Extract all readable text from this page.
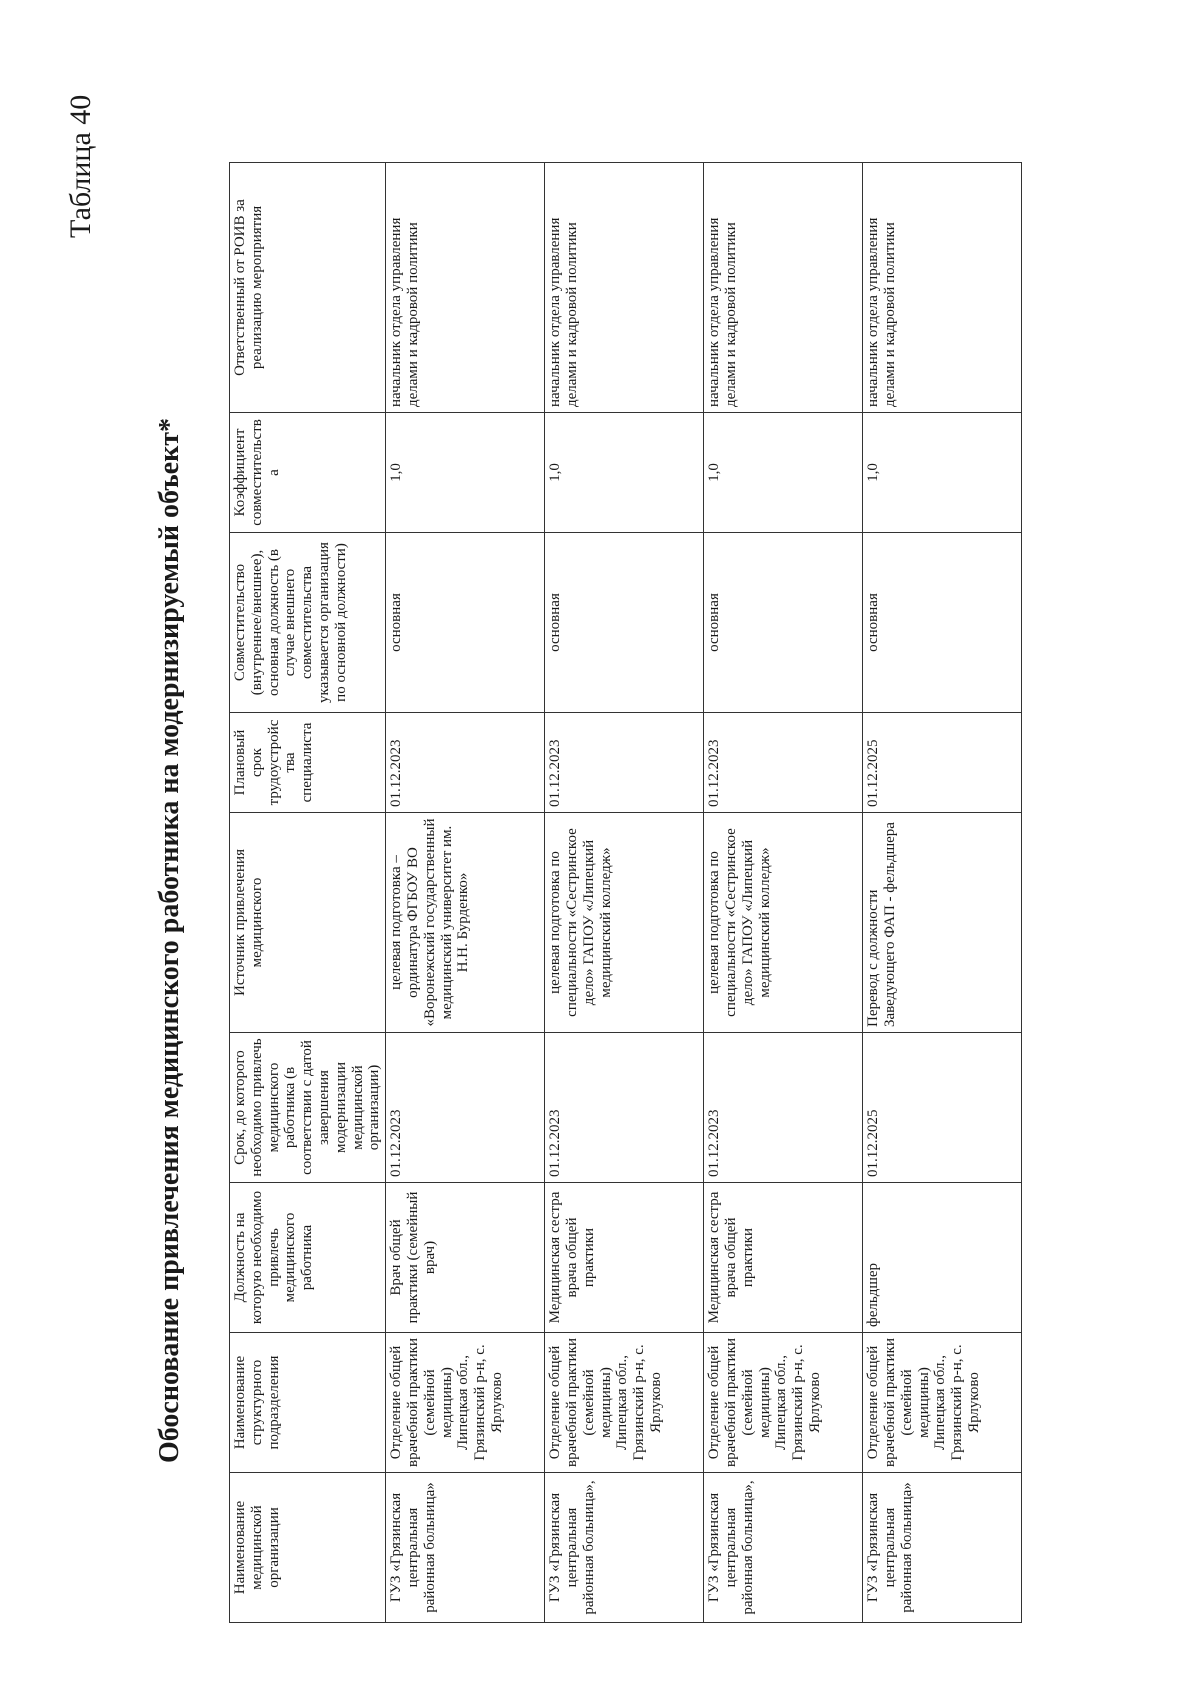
Таблица 40
Обоснование привлечения медицинского работника на модернизируемый объект*
Наименование медицинской организации	Наименование структурного подразделения	Должность на которую необходимо привлечь медицинского работника	Срок, до которого необходимо привлечь медицинского работника (в соответствии с датой завершения модернизации медицинской организации)	Источник привлечения медицинского	Плановый срок трудоустройства специалиста	Совместительство (внутреннее/внешнее), основная должность (в случае внешнего совместительства указывается организация по основной должности)	Коэффициент совместительства	Ответственный от РОИВ за реализацию мероприятия
ГУЗ «Грязинская центральная районная больница»	Отделение общей врачебной практики (семейной медицины) Липецкая обл., Грязинский р-н, с. Ярлуково	Врач общей практики (семейный врач)	01.12.2023	целевая подготовка – ординатура ФГБОУ ВО «Воронежский государственный медицинский университет им. Н.Н. Бурденко»	01.12.2023	основная	1,0	начальник отдела управления делами и кадровой политики
ГУЗ «Грязинская центральная районная больница»,	Отделение общей врачебной практики (семейной медицины) Липецкая обл., Грязинский р-н, с. Ярлуково	Медицинская сестра врача общей практики	01.12.2023	целевая подготовка по специальности «Сестринское дело» ГАПОУ «Липецкий медицинский колледж»	01.12.2023	основная	1,0	начальник отдела управления делами и кадровой политики
ГУЗ «Грязинская центральная районная больница»,	Отделение общей врачебной практики (семейной медицины) Липецкая обл., Грязинский р-н, с. Ярлуково	Медицинская сестра врача общей практики	01.12.2023	целевая подготовка по специальности «Сестринское дело» ГАПОУ «Липецкий медицинский колледж»	01.12.2023	основная	1,0	начальник отдела управления делами и кадровой политики
ГУЗ «Грязинская центральная районная больница»	Отделение общей врачебной практики (семейной медицины) Липецкая обл., Грязинский р-н, с. Ярлуково	фельдшер	01.12.2025	Перевод с должности Заведующего ФАП - фельдшера	01.12.2025	основная	1,0	начальник отдела управления делами и кадровой политики
